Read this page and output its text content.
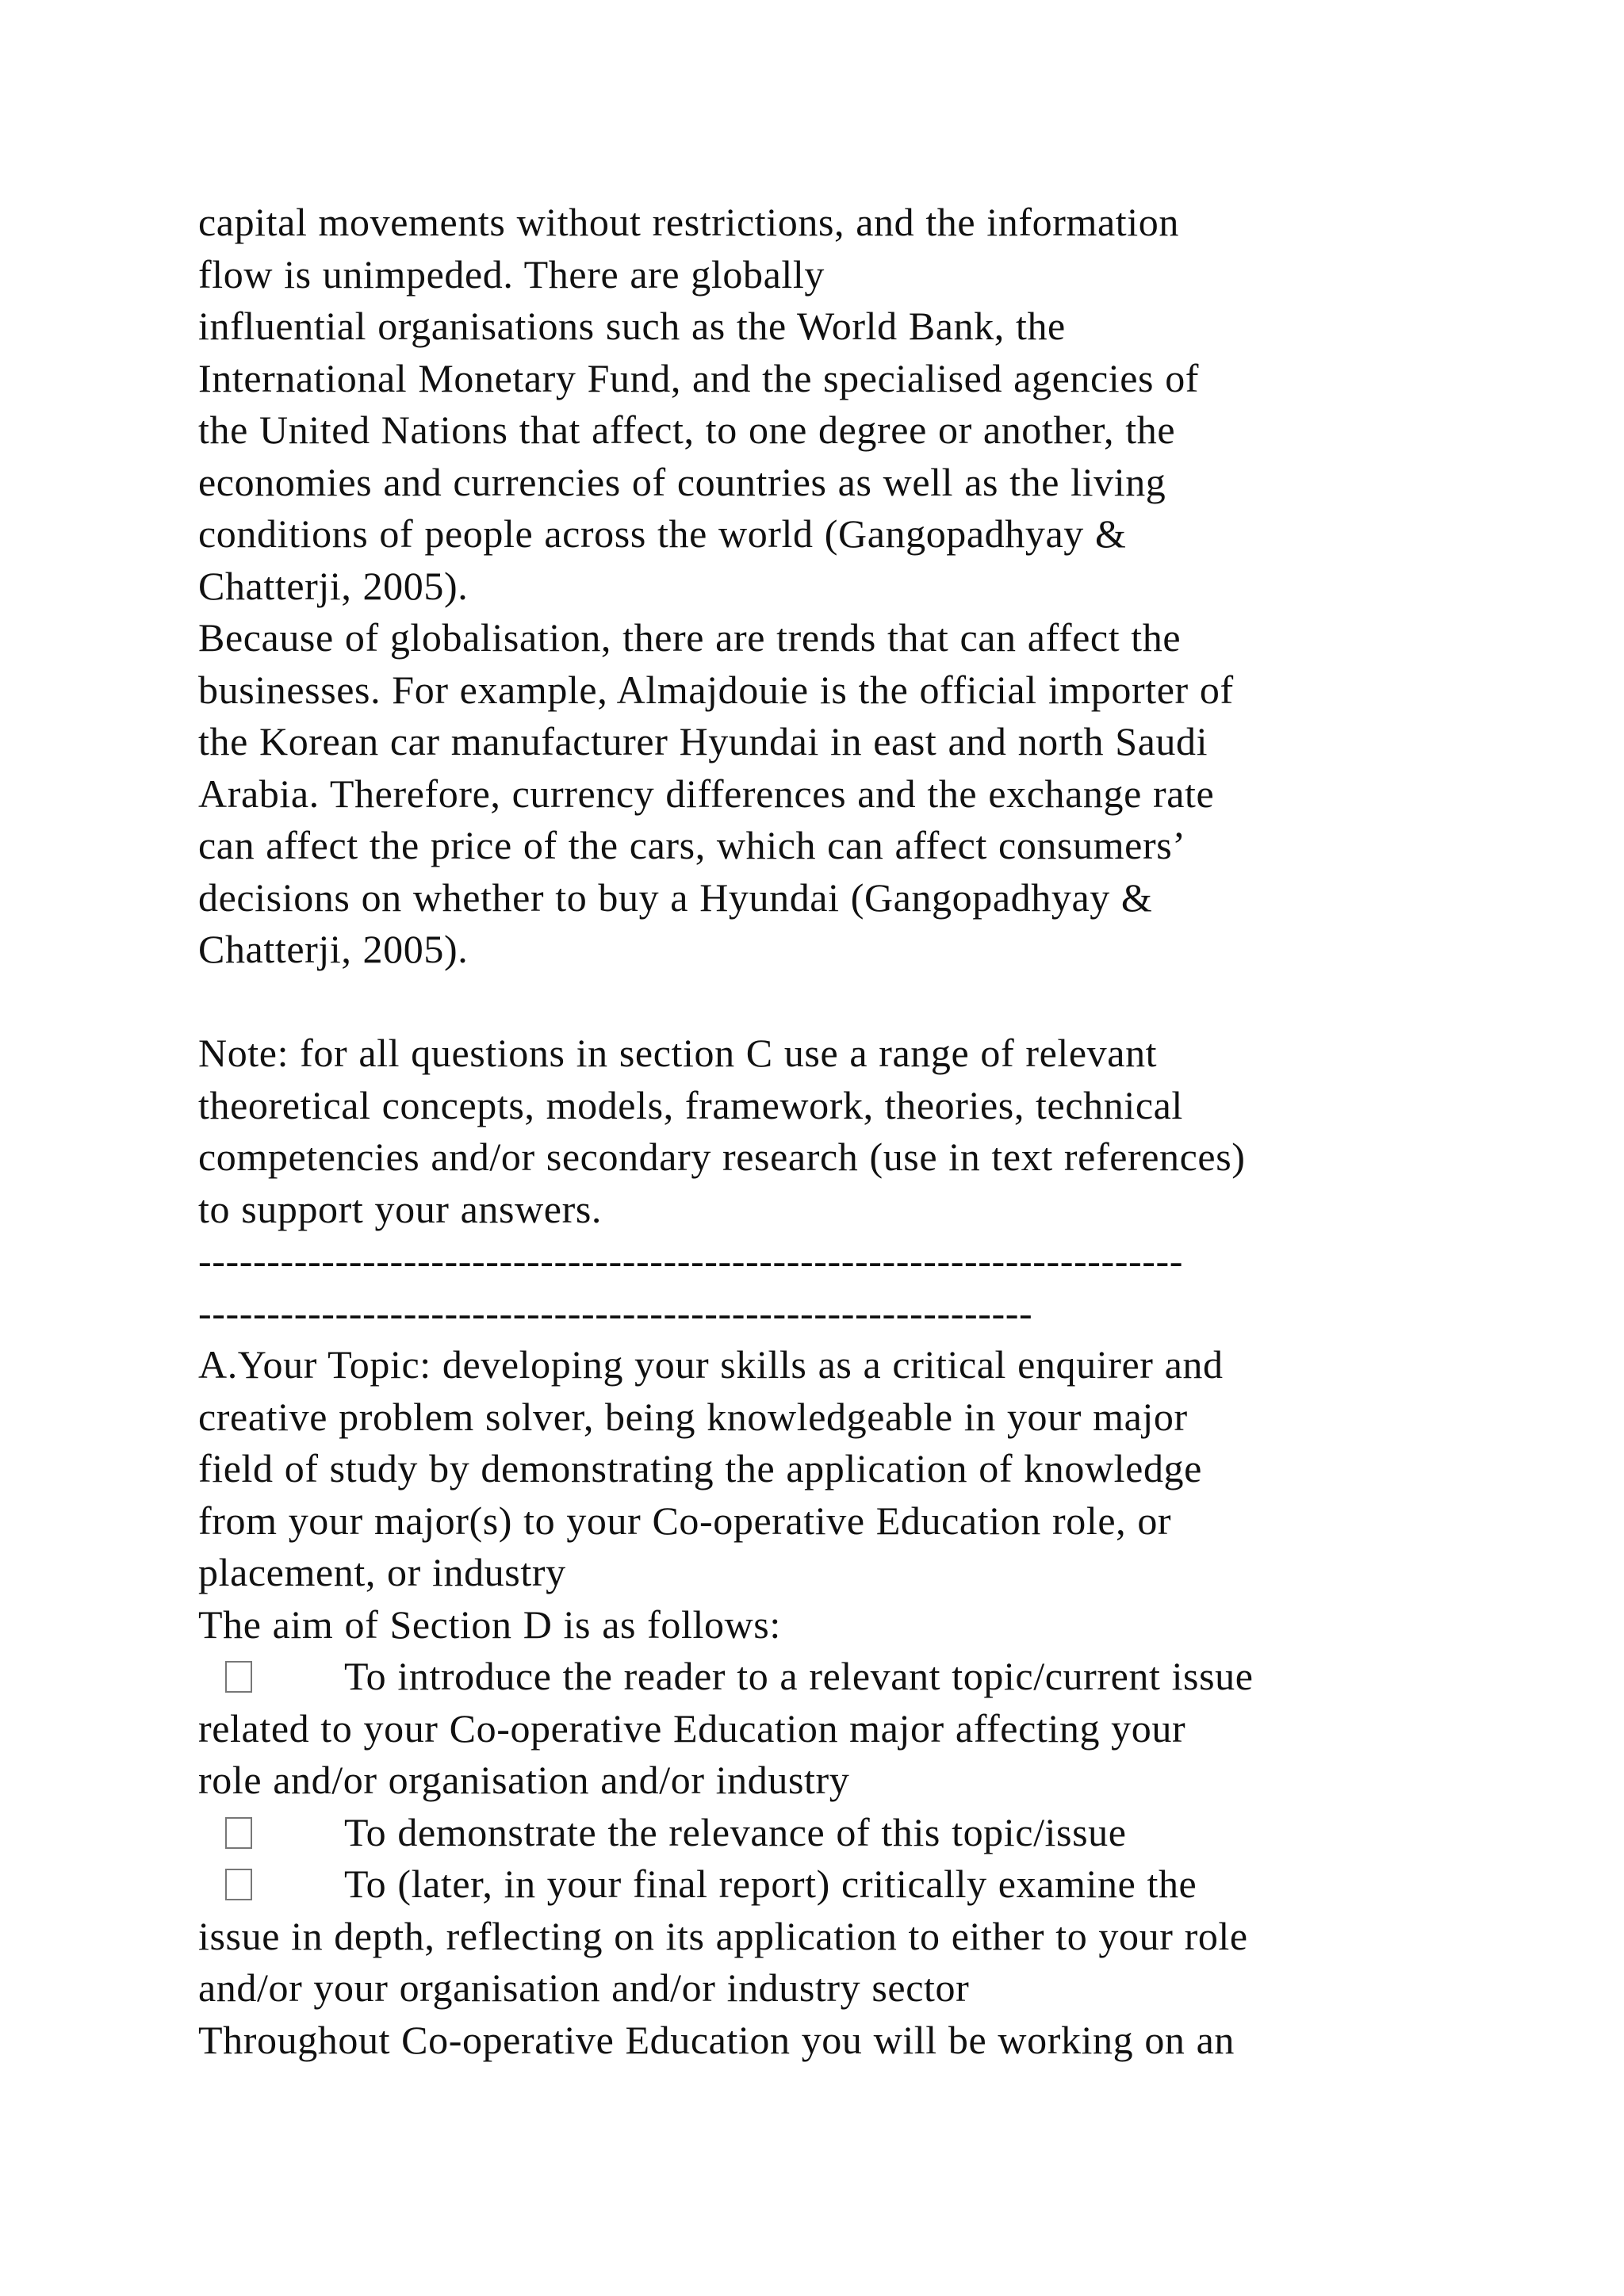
capital movements without restrictions, and the information
flow is unimpeded. There are globally
influential organisations such as the World Bank, the
International Monetary Fund, and the specialised agencies of
the United Nations that affect, to one degree or another, the
economies and currencies of countries as well as the living
conditions of people across the world (Gangopadhyay &
Chatterji, 2005).
Because of globalisation, there are trends that can affect the
businesses. For example, Almajdouie is the official importer of
the Korean car manufacturer Hyundai in east and north Saudi
Arabia. Therefore, currency differences and the exchange rate
can affect the price of the cars, which can affect consumers’
decisions on whether to buy a Hyundai (Gangopadhyay &
Chatterji, 2005).
Note: for all questions in section C use a range of relevant
theoretical concepts, models, framework, theories, technical
competencies and/or secondary research (use in text references)
to support your answers.
------------------------------------------------------------------------
-------------------------------------------------------------
A.Your Topic: developing your skills as a critical enquirer and
creative problem solver, being knowledgeable in your major
field of study by demonstrating the application of knowledge
from your major(s) to your Co-operative Education role, or
placement, or industry
The aim of Section D is as follows:
To introduce the reader to a relevant topic/current issue
related to your Co-operative Education major affecting your
role and/or organisation and/or industry
To demonstrate the relevance of this topic/issue
To (later, in your final report) critically examine the
issue in depth, reflecting on its application to either to your role
and/or your organisation and/or industry sector
Throughout Co-operative Education you will be working on an
